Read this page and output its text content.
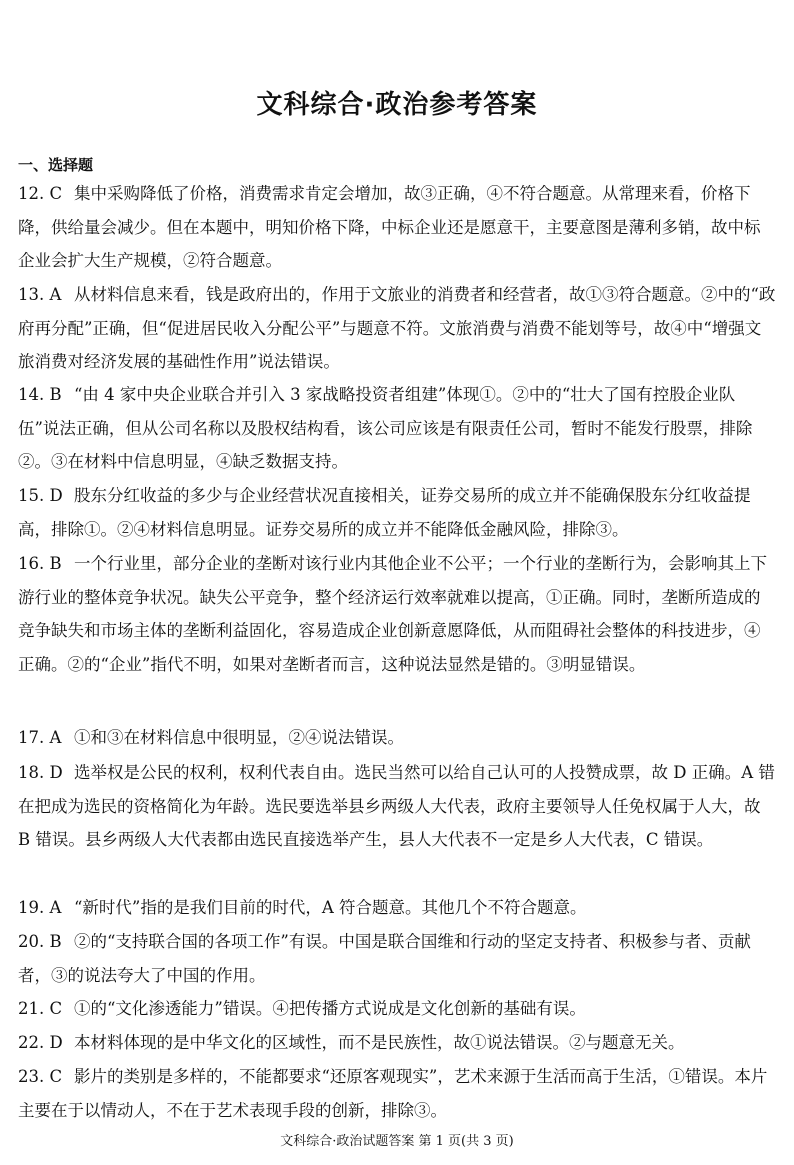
文科综合·政治参考答案
一、选择题
12. C 集中采购降低了价格，消费需求肯定会增加，故③正确，④不符合题意。从常理来看，价格下降，供给量会减少。但在本题中，明知价格下降，中标企业还是愿意干，主要意图是薄利多销，故中标企业会扩大生产规模，②符合题意。
13. A 从材料信息来看，钱是政府出的，作用于文旅业的消费者和经营者，故①③符合题意。②中的“政府再分配”正确，但“促进居民收入分配公平”与题意不符。文旅消费与消费不能划等号，故④中“增强文旅消费对经济发展的基础性作用”说法错误。
14. B “由 4 家中央企业联合并引入 3 家战略投资者组建”体现①。②中的“壮大了国有控股企业队伍”说法正确，但从公司名称以及股权结构看，该公司应该是有限责任公司，暂时不能发行股票，排除②。③在材料中信息明显，④缺乏数据支持。
15. D 股东分红收益的多少与企业经营状况直接相关，证券交易所的成立并不能确保股东分红收益提高，排除①。②④材料信息明显。证券交易所的成立并不能降低金融风险，排除③。
16. B 一个行业里，部分企业的垄断对该行业内其他企业不公平；一个行业的垄断行为，会影响其上下游行业的整体竞争状况。缺失公平竞争，整个经济运行效率就难以提高，①正确。同时，垄断所造成的竞争缺失和市场主体的垄断利益固化，容易造成企业创新意愿降低，从而阻碍社会整体的科技进步，④正确。②的“企业”指代不明，如果对垄断者而言，这种说法显然是错的。③明显错误。
17. A ①和③在材料信息中很明显，②④说法错误。
18. D 选举权是公民的权利，权利代表自由。选民当然可以给自己认可的人投赞成票，故 D 正确。A 错在把成为选民的资格简化为年龄。选民要选举县乡两级人大代表，政府主要领导人任免权属于人大，故 B 错误。县乡两级人大代表都由选民直接选举产生，县人大代表不一定是乡人大代表，C 错误。
19. A “新时代”指的是我们目前的时代，A 符合题意。其他几个不符合题意。
20. B ②的“支持联合国的各项工作”有误。中国是联合国维和行动的坚定支持者、积极参与者、贡献者，③的说法夸大了中国的作用。
21. C ①的“文化渗透能力”错误。④把传播方式说成是文化创新的基础有误。
22. D 本材料体现的是中华文化的区域性，而不是民族性，故①说法错误。②与题意无关。
23. C 影片的类别是多样的，不能都要求“还原客观现实”，艺术来源于生活而高于生活，①错误。本片主要在于以情动人，不在于艺术表现手段的创新，排除③。
文科综合·政治试题答案 第 1 页(共 3 页)
